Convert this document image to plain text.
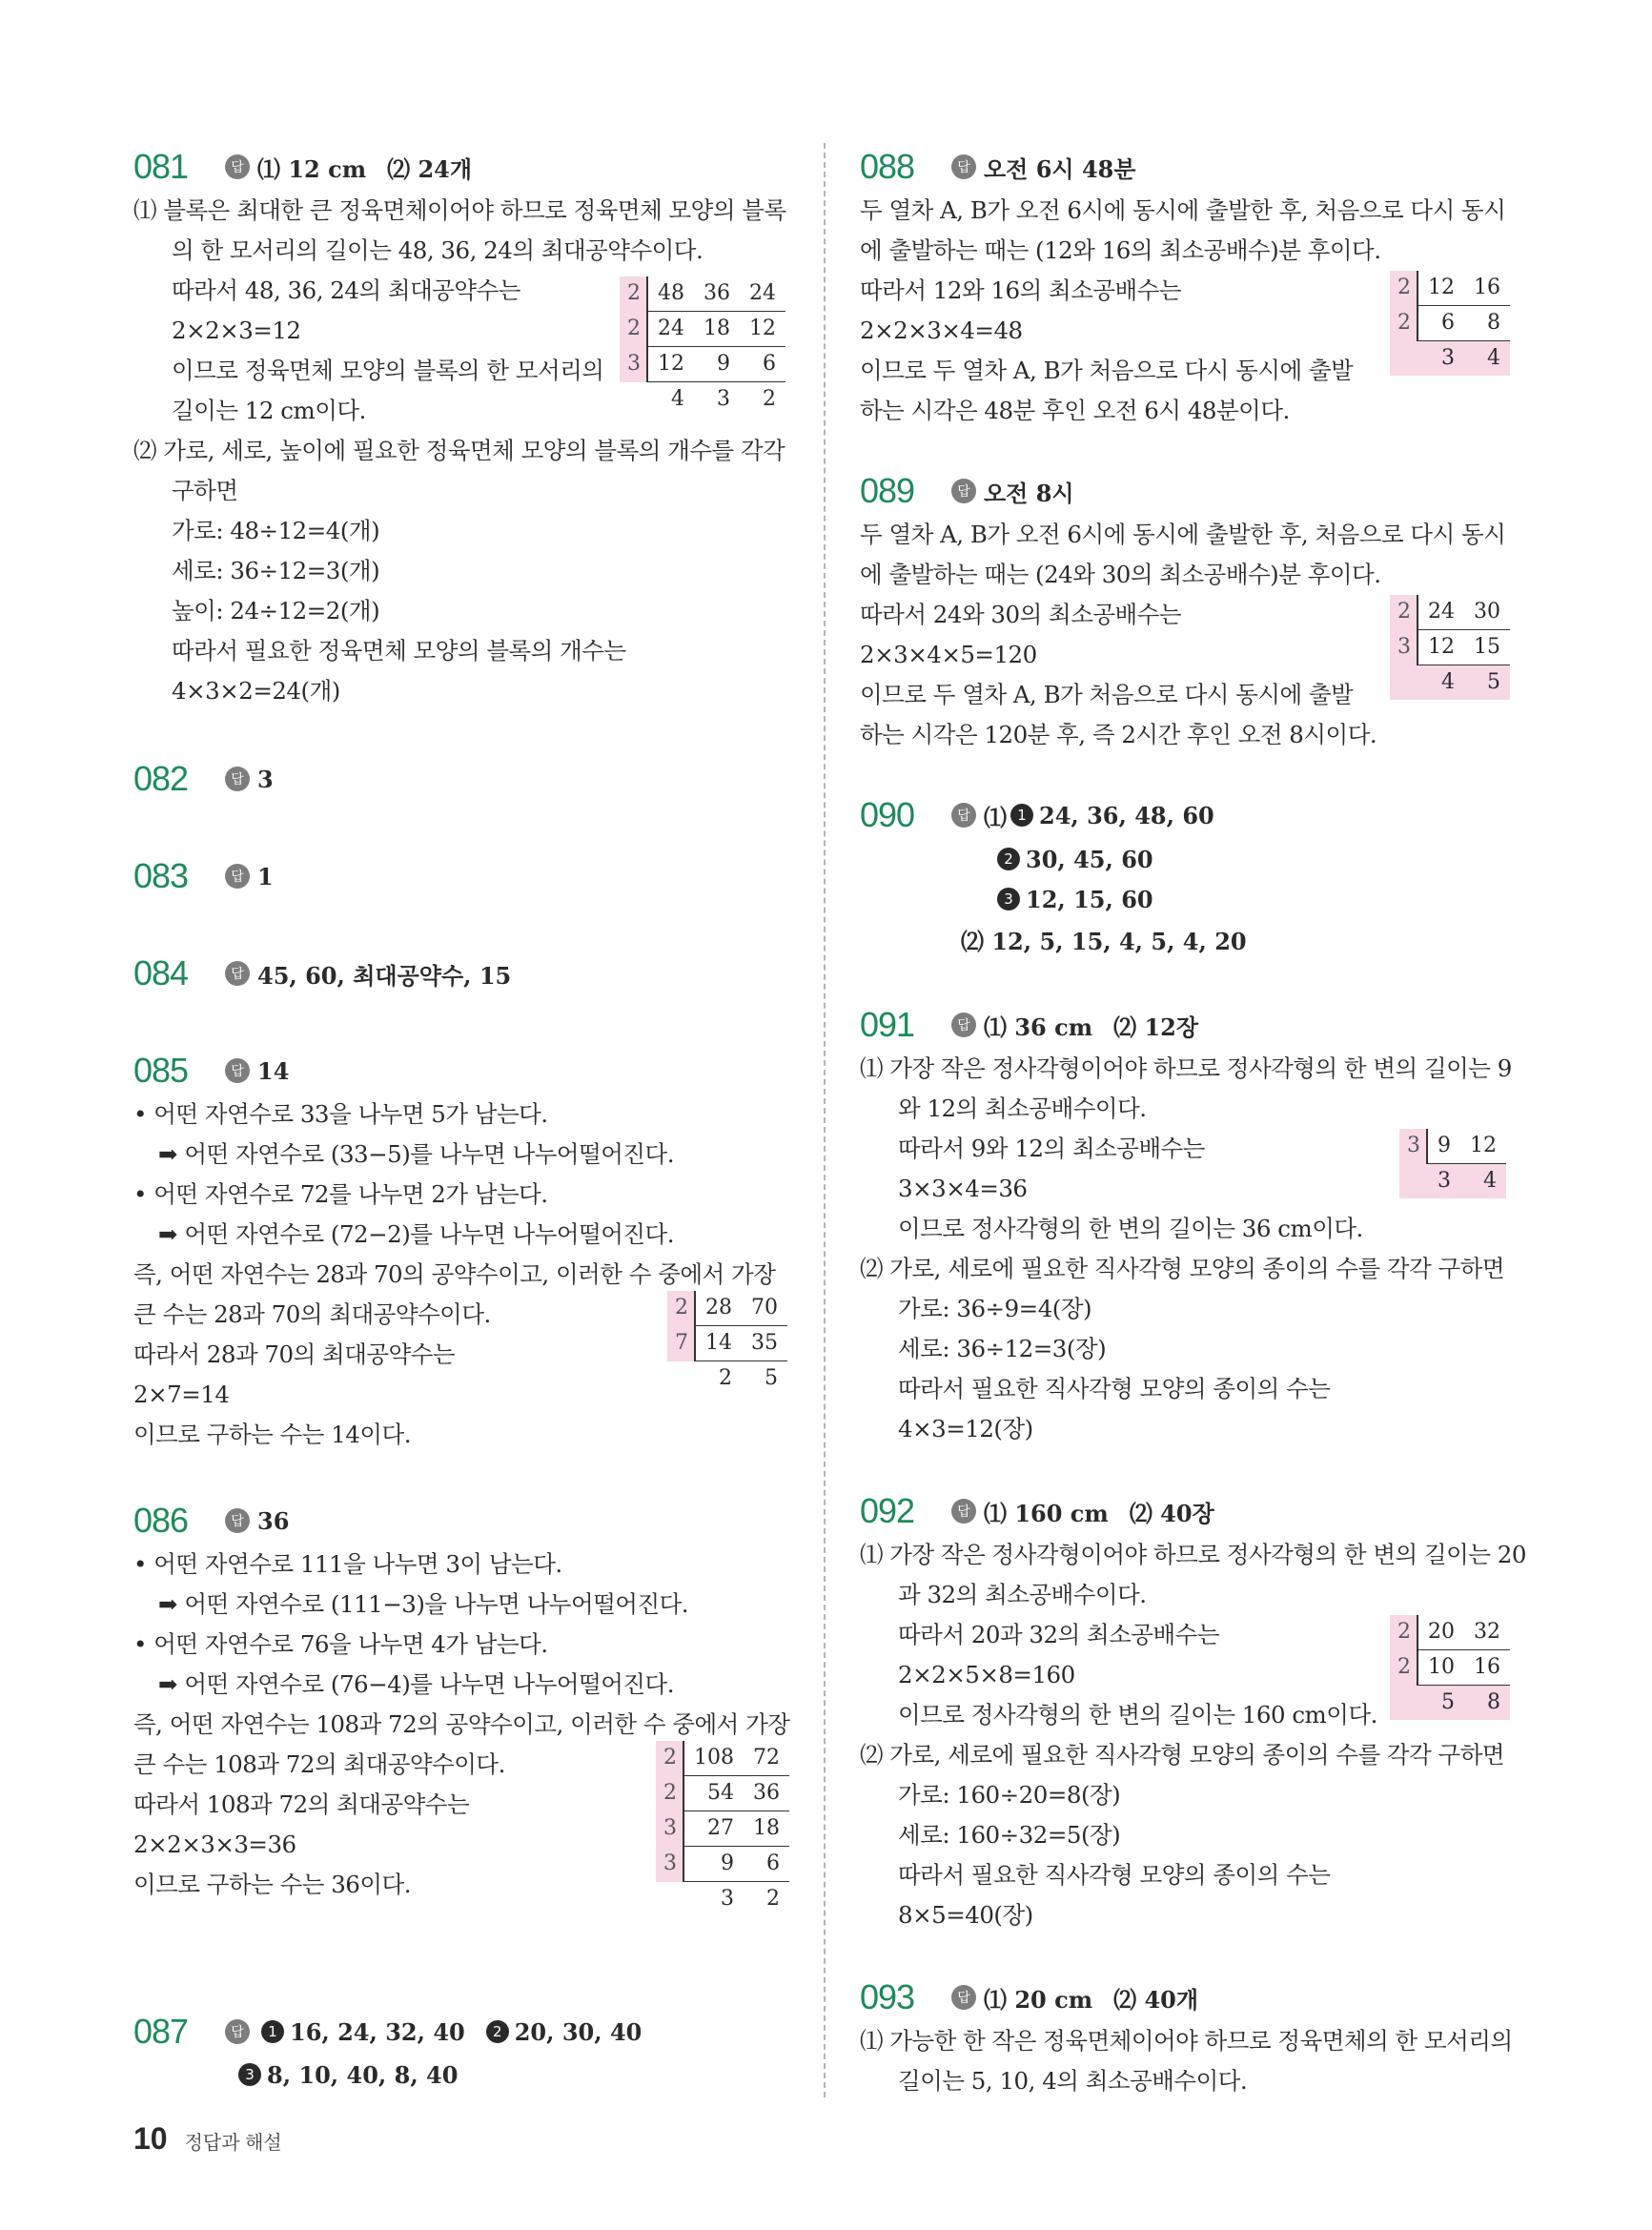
081	답 ⑴ 12 cm ⑵ 24개
⑴ 블록은 최대한 큰 정육면체이어야 하므로 정육면체 모양의 블록
의 한 모서리의 길이는 48, 36, 24의 최대공약수이다.
따라서 48, 36, 24의 최대공약수는
2×2×3=12
이므로 정육면체 모양의 블록의 한 모서리의
길이는 12 cm이다.
⑵ 가로, 세로, 높이에 필요한 정육면체 모양의 블록의 개수를 각각
구하면
가로: 48÷12=4(개)
세로: 36÷12=3(개)
높이: 24÷12=2(개)
따라서 필요한 정육면체 모양의 블록의 개수는
4×3×2=24(개)
2	48	36	24
2	24	18	12
3	12	9	6
	4	3	2
082	답 3
083	답 1
084	답 45, 60, 최대공약수, 15
085	답 14
• 어떤 자연수로 33을 나누면 5가 남는다.
➡ 어떤 자연수로 (33−5)를 나누면 나누어떨어진다.
• 어떤 자연수로 72를 나누면 2가 남는다.
➡ 어떤 자연수로 (72−2)를 나누면 나누어떨어진다.
즉, 어떤 자연수는 28과 70의 공약수이고, 이러한 수 중에서 가장
큰 수는 28과 70의 최대공약수이다.
따라서 28과 70의 최대공약수는
2×7=14
이므로 구하는 수는 14이다.
2	28	70
7	14	35
	2	5
086	답 36
• 어떤 자연수로 111을 나누면 3이 남는다.
➡ 어떤 자연수로 (111−3)을 나누면 나누어떨어진다.
• 어떤 자연수로 76을 나누면 4가 남는다.
➡ 어떤 자연수로 (76−4)를 나누면 나누어떨어진다.
즉, 어떤 자연수는 108과 72의 공약수이고, 이러한 수 중에서 가장
큰 수는 108과 72의 최대공약수이다.
따라서 108과 72의 최대공약수는
2×2×3×3=36
이므로 구하는 수는 36이다.
2	108	72
2	54	36
3	27	18
3	9	6
	3	2
087	답	1 16, 24, 32, 40	2 20, 30, 40
3 8, 10, 40, 8, 40
088	답 오전 6시 48분
두 열차 A, B가 오전 6시에 동시에 출발한 후, 처음으로 다시 동시
에 출발하는 때는 (12와 16의 최소공배수)분 후이다.
따라서 12와 16의 최소공배수는
2×2×3×4=48
이므로 두 열차 A, B가 처음으로 다시 동시에 출발
하는 시각은 48분 후인 오전 6시 48분이다.
2	12	16
2	6	8
	3	4
089	답 오전 8시
두 열차 A, B가 오전 6시에 동시에 출발한 후, 처음으로 다시 동시
에 출발하는 때는 (24와 30의 최소공배수)분 후이다.
따라서 24와 30의 최소공배수는
2×3×4×5=120
이므로 두 열차 A, B가 처음으로 다시 동시에 출발
하는 시각은 120분 후, 즉 2시간 후인 오전 8시이다.
2	24	30
3	12	15
	4	5
090	답 ⑴ 1 24, 36, 48, 60
2 30, 45, 60
3 12, 15, 60
⑵ 12, 5, 15, 4, 5, 4, 20
091	답 ⑴ 36 cm ⑵ 12장
⑴ 가장 작은 정사각형이어야 하므로 정사각형의 한 변의 길이는 9
와 12의 최소공배수이다.
따라서 9와 12의 최소공배수는
3×3×4=36
이므로 정사각형의 한 변의 길이는 36 cm이다.
⑵ 가로, 세로에 필요한 직사각형 모양의 종이의 수를 각각 구하면
가로: 36÷9=4(장)
세로: 36÷12=3(장)
따라서 필요한 직사각형 모양의 종이의 수는
4×3=12(장)
3	9	12
	3	4
092	답 ⑴ 160 cm ⑵ 40장
⑴ 가장 작은 정사각형이어야 하므로 정사각형의 한 변의 길이는 20
과 32의 최소공배수이다.
따라서 20과 32의 최소공배수는
2×2×5×8=160
이므로 정사각형의 한 변의 길이는 160 cm이다.
⑵ 가로, 세로에 필요한 직사각형 모양의 종이의 수를 각각 구하면
가로: 160÷20=8(장)
세로: 160÷32=5(장)
따라서 필요한 직사각형 모양의 종이의 수는
8×5=40(장)
2	20	32
2	10	16
	5	8
093	답 ⑴ 20 cm ⑵ 40개
⑴ 가능한 한 작은 정육면체이어야 하므로 정육면체의 한 모서리의
길이는 5, 10, 4의 최소공배수이다.
10 정답과 해설
